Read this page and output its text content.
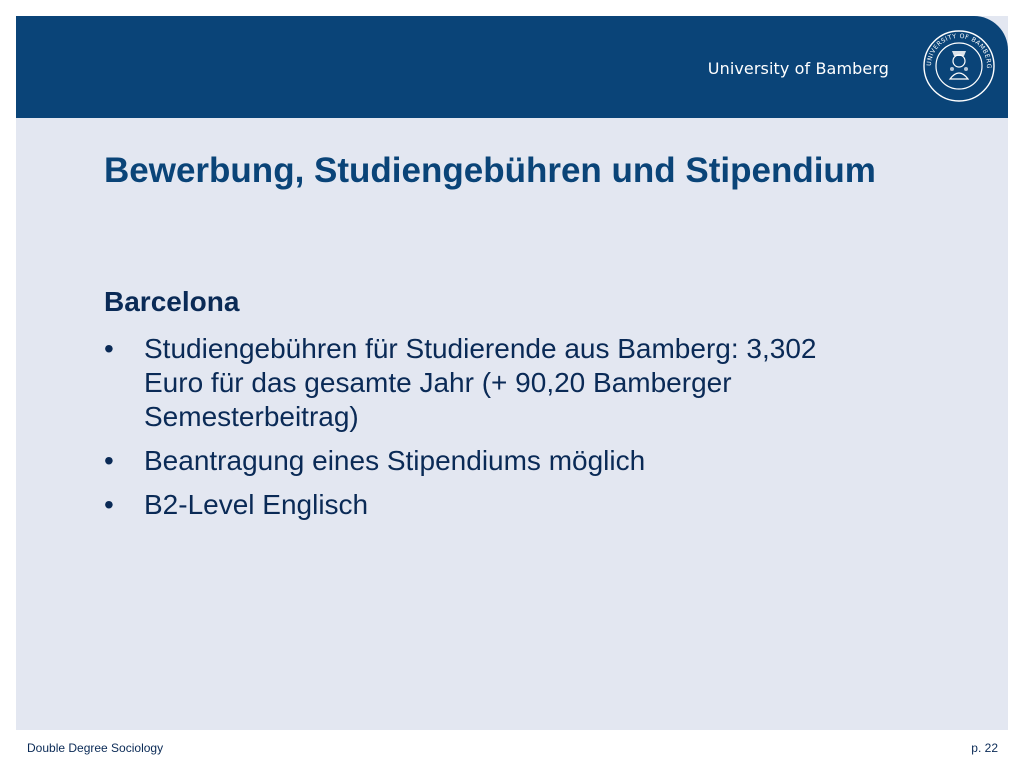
University of Bamberg	UNIVERSITY OF BAMBERG
Bewerbung, Studiengebühren und Stipendium
Barcelona
• Studiengebühren für Studierende aus Bamberg: 3,302 Euro für das gesamte Jahr (+ 90,20 Bamberger Semesterbeitrag)
• Beantragung eines Stipendiums möglich
• B2-Level Englisch
Double Degree Sociology	p. 22
